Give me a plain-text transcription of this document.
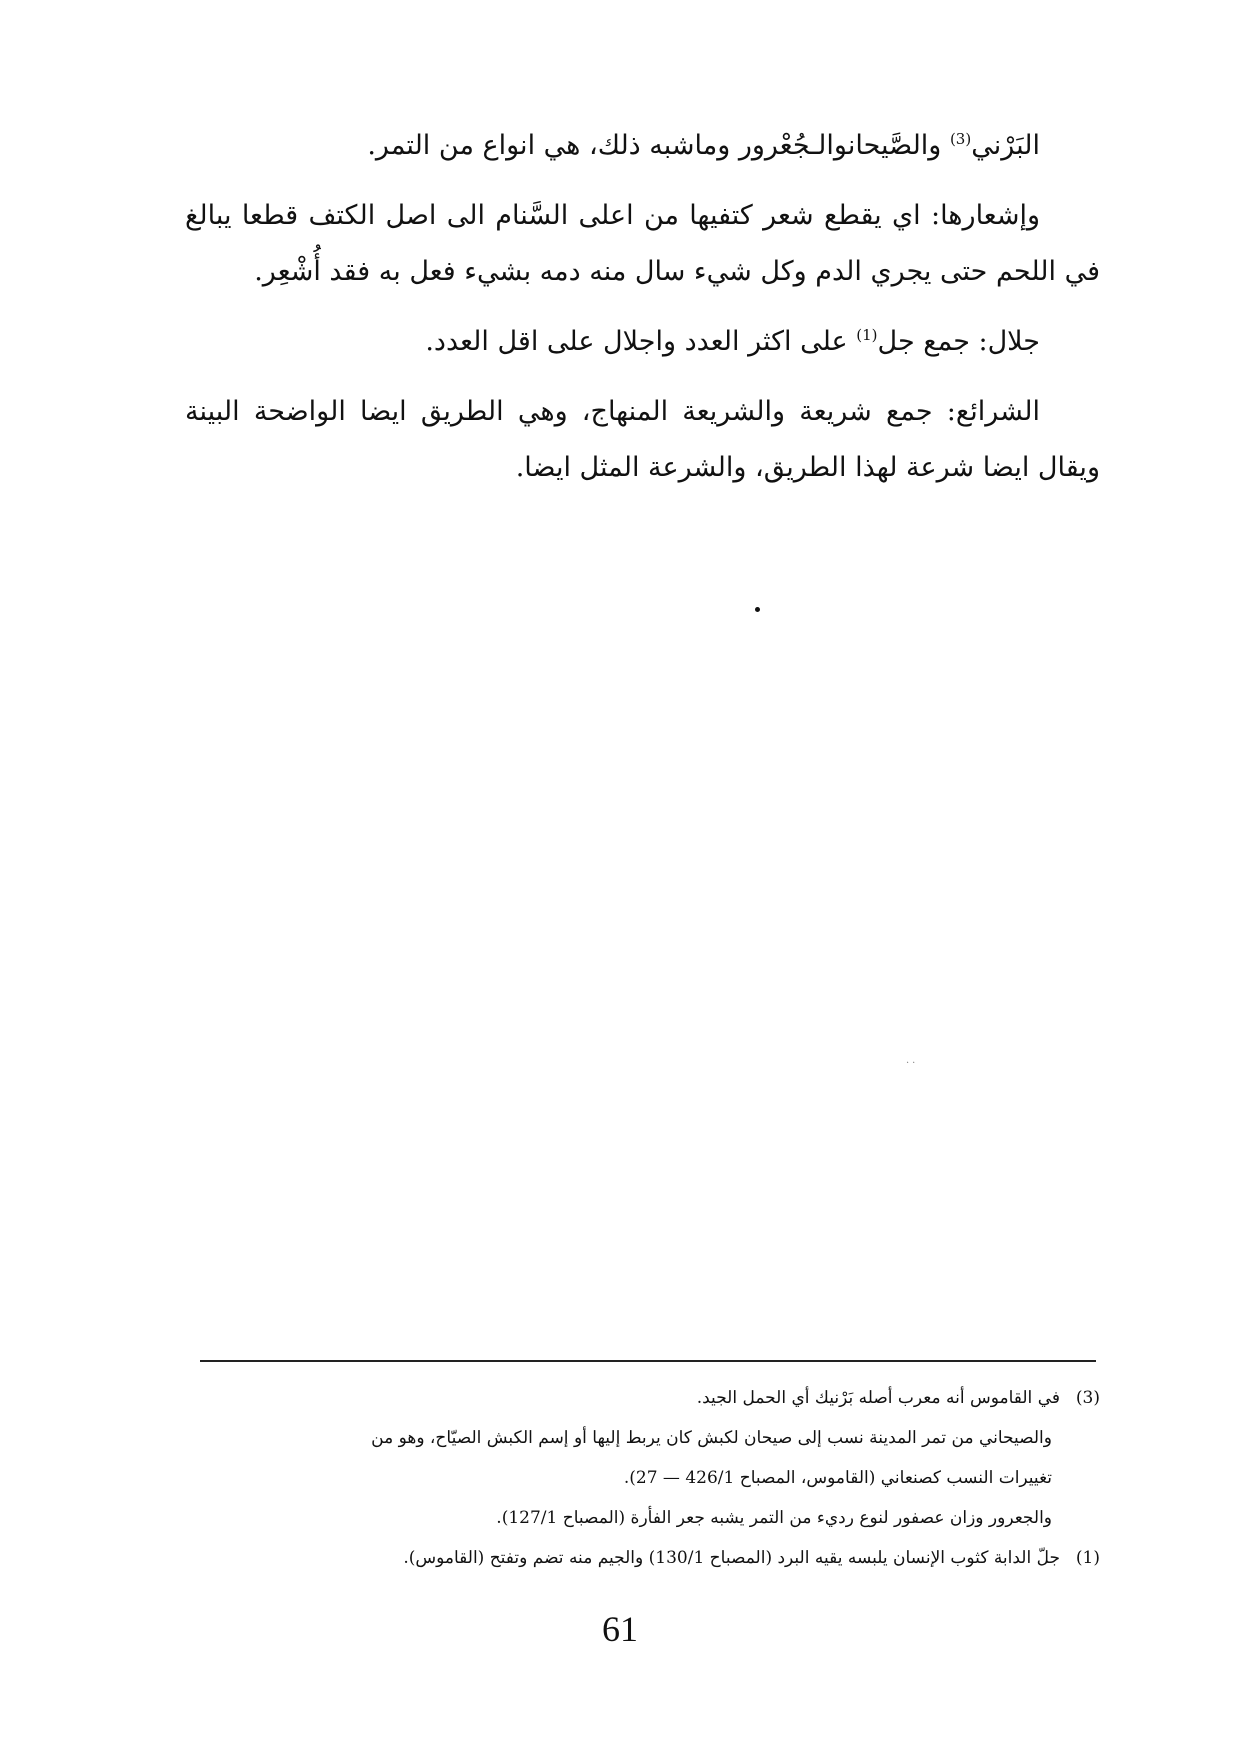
البَرْني$^{(3)}$ والصَّيحانوالـجُعْرور وماشبه ذلك، هي انواع من التمر.

وإشعارها: اي يقطع شعر كتفيها من اعلى السَّنام الى اصل الكتف قطعا يبالغ في اللحم حتى يجري الدم وكل شيء سال منه دمه بشيء فعل به فقد أُشْعِر.

جلال: جمع جل$^{(1)}$ على اكثر العدد واجلال على اقل العدد.

الشرائع: جمع شريعة والشريعة المنهاج، وهي الطريق ايضا الواضحة البينة ويقال ايضا شرعة لهذا الطريق، والشرعة المثل ايضا.

··
(3)في القاموس أنه معرب أصله بَرْنيك أي الحمل الجيد.
والصيحاني من تمر المدينة نسب إلى صيحان لكبش كان يربط إليها أو إسم الكبش الصيّاح، وهو من
تغييرات النسب كصنعاني (القاموس، المصباح 426/1 — 27).
والجعرور وزان عصفور لنوع رديء من التمر يشبه جعر الفأرة (المصباح 127/1).
(1)جلّ الدابة كثوب الإنسان يلبسه يقيه البرد (المصباح 130/1) والجيم منه تضم وتفتح (القاموس).
61
